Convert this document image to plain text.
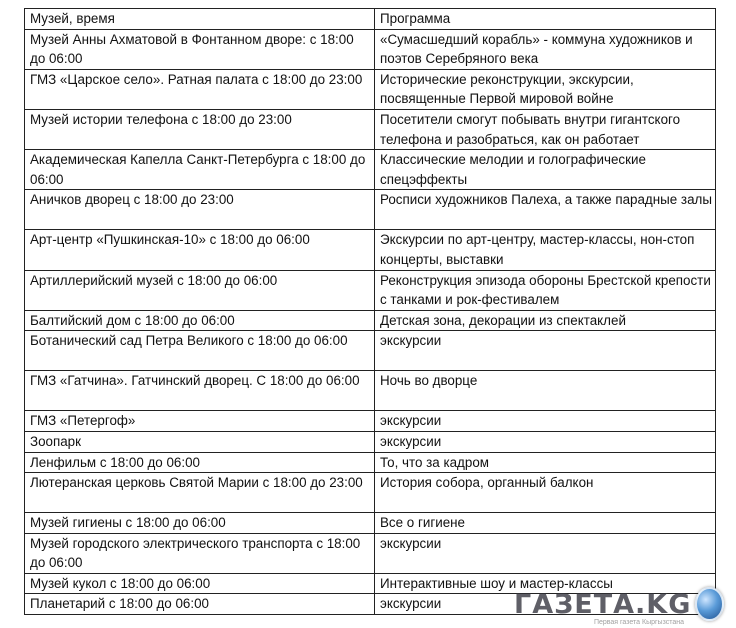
Музей, время	Программа
Музей Анны Ахматовой в Фонтанном дворе: с 18:00 до 06:00	«Сумасшедший корабль» - коммуна художников и поэтов Серебряного века
ГМЗ «Царское село». Ратная палата с 18:00 до 23:00	Исторические реконструкции, экскурсии, посвященные Первой мировой войне
Музей истории телефона с 18:00 до 23:00	Посетители смогут побывать внутри гигантского телефона и разобраться, как он работает
Академическая Капелла Санкт-Петербурга с 18:00 до 06:00	Классические мелодии и голографические спецэффекты
Аничков дворец с 18:00 до 23:00	Росписи художников Палеха, а также парадные залы
Арт-центр «Пушкинская-10» с 18:00 до 06:00	Экскурсии по арт-центру, мастер-классы, нон-стоп концерты, выставки
Артиллерийский музей с 18:00 до 06:00	Реконструкция эпизода обороны Брестской крепости с танками и рок-фестивалем
Балтийский дом с 18:00 до 06:00	Детская зона, декорации из спектаклей
Ботанический сад Петра Великого с 18:00 до 06:00	экскурсии
ГМЗ «Гатчина». Гатчинский дворец. С 18:00 до 06:00	Ночь во дворце
ГМЗ «Петергоф»	экскурсии
Зоопарк	экскурсии
Ленфильм с 18:00 до 06:00	То, что за кадром
Лютеранская церковь Святой Марии с 18:00 до 23:00	История собора, органный балкон
Музей гигиены с 18:00 до 06:00	Все о гигиене
Музей городского электрического транспорта с 18:00 до 06:00	экскурсии
Музей кукол с 18:00 до 06:00	Интерактивные шоу и мастер-классы
Планетарий с 18:00 до 06:00	экскурсии	ГАЗЕТА.KG
Первая газета Кыргызстана
